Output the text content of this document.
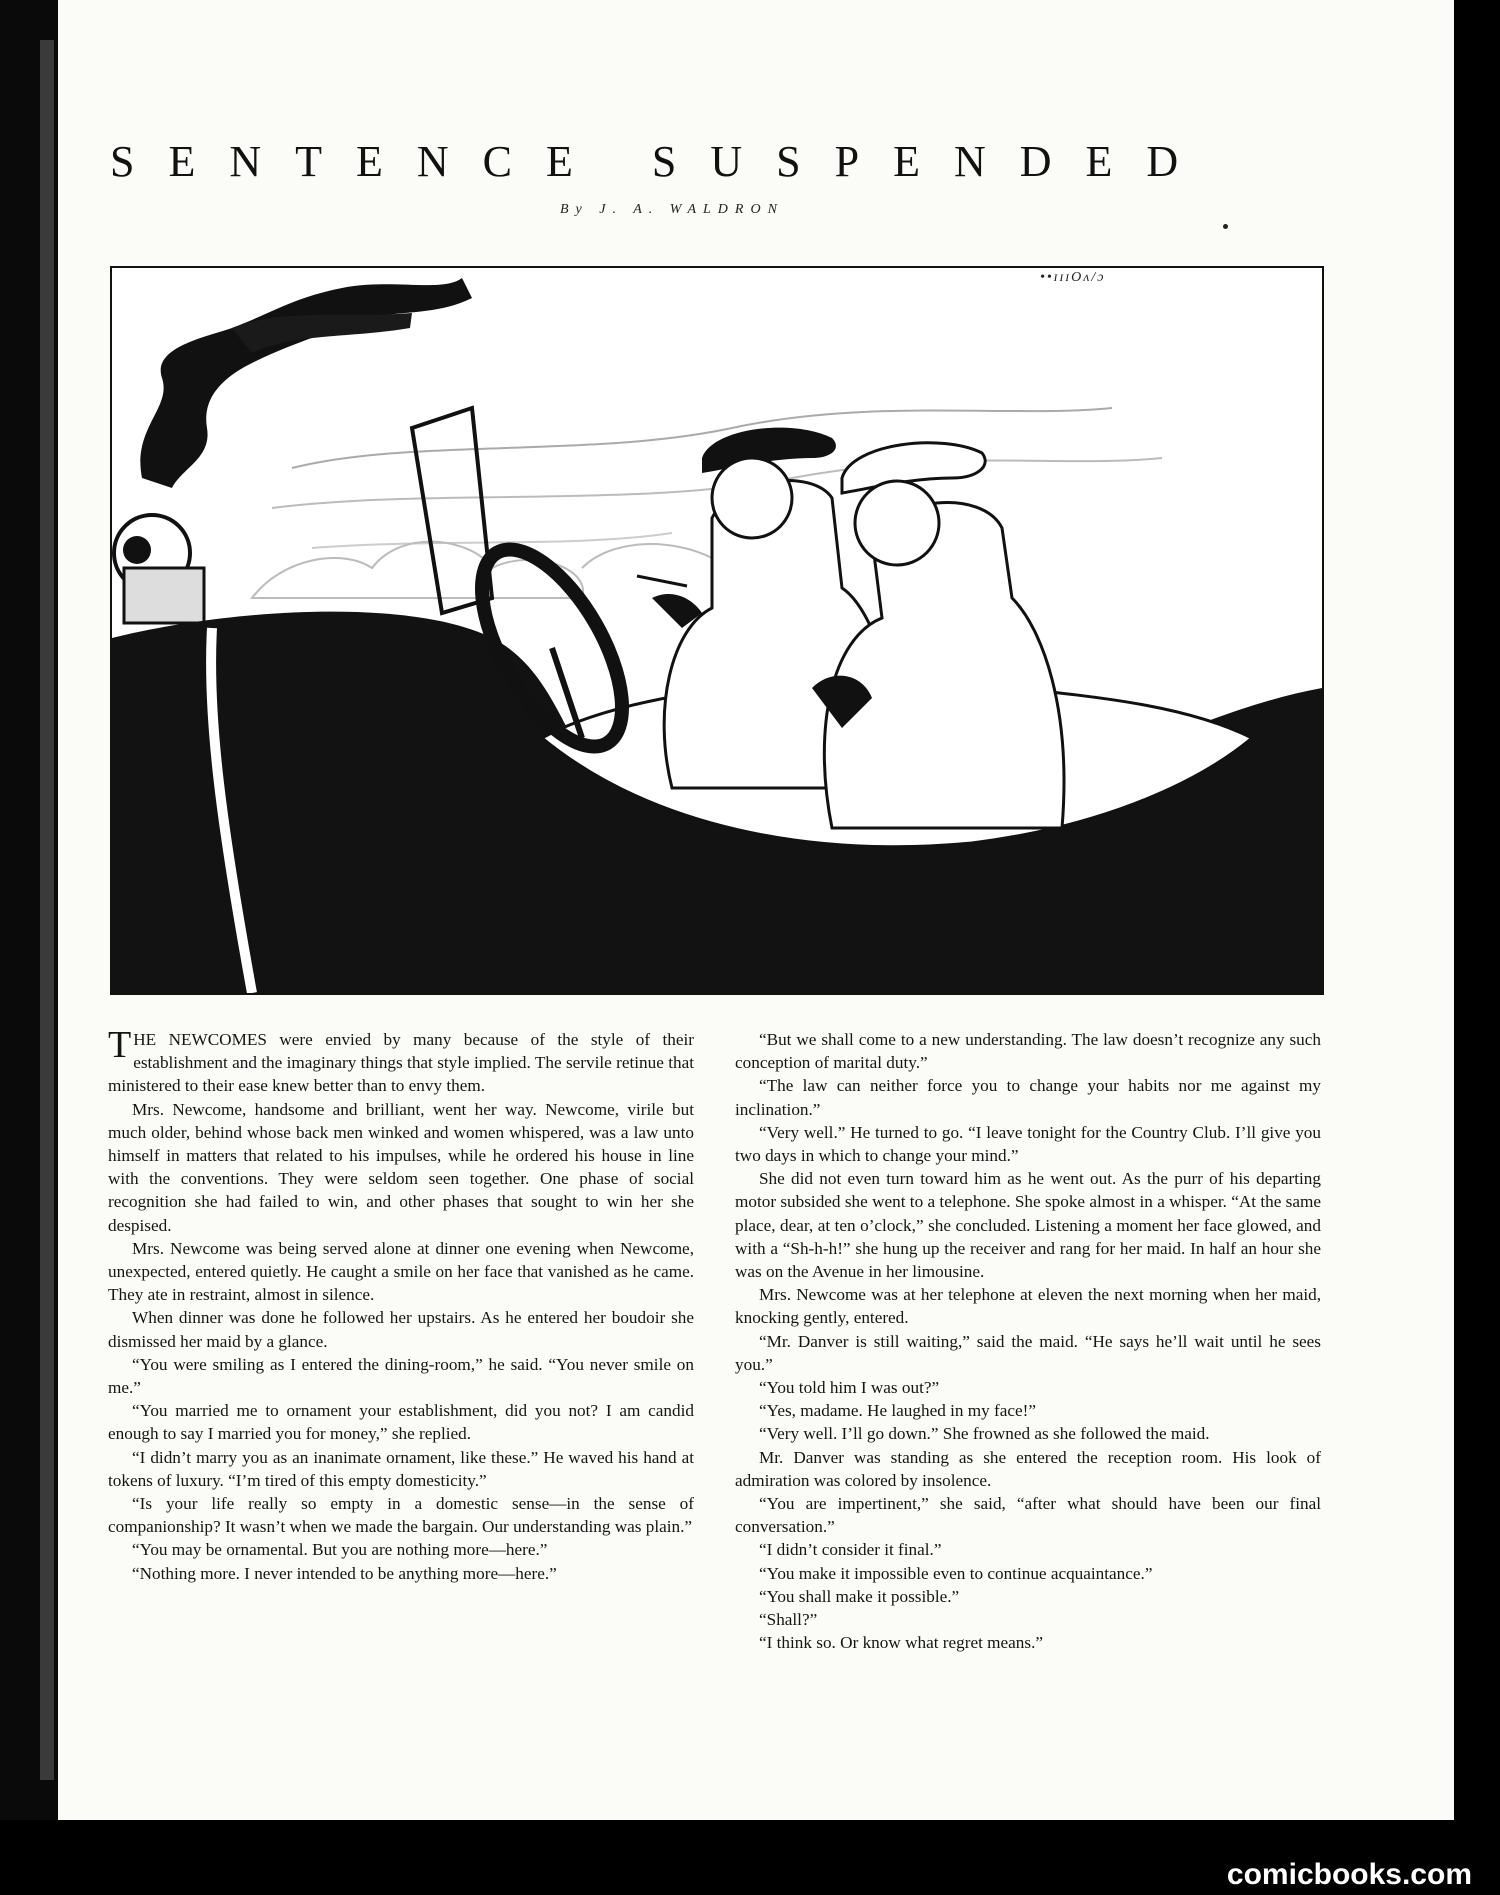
SENTENCE SUSPENDED
By J. A. WALDRON
••ɪɪɪOʌ/ɔ

THE NEWCOMES were envied by many because of the style of their establishment and the imaginary things that style implied. The servile retinue that ministered to their ease knew better than to envy them.

Mrs. Newcome, handsome and brilliant, went her way. Newcome, virile but much older, behind whose back men winked and women whispered, was a law unto himself in matters that related to his impulses, while he ordered his house in line with the conventions. They were seldom seen together. One phase of social recognition she had failed to win, and other phases that sought to win her she despised.

Mrs. Newcome was being served alone at dinner one evening when Newcome, unexpected, entered quietly. He caught a smile on her face that vanished as he came. They ate in restraint, almost in silence.

When dinner was done he followed her upstairs. As he entered her boudoir she dismissed her maid by a glance.

“You were smiling as I entered the dining-room,” he said. “You never smile on me.”

“You married me to ornament your establishment, did you not? I am candid enough to say I married you for money,” she replied.

“I didn’t marry you as an inanimate ornament, like these.” He waved his hand at tokens of luxury. “I’m tired of this empty domesticity.”

“Is your life really so empty in a domestic sense—in the sense of companionship? It wasn’t when we made the bargain. Our understanding was plain.”

“You may be ornamental. But you are nothing more—here.”

“Nothing more. I never intended to be anything more—here.”

“But we shall come to a new understanding. The law doesn’t recognize any such conception of marital duty.”

“The law can neither force you to change your habits nor me against my inclination.”

“Very well.” He turned to go. “I leave tonight for the Country Club. I’ll give you two days in which to change your mind.”

She did not even turn toward him as he went out. As the purr of his departing motor subsided she went to a telephone. She spoke almost in a whisper. “At the same place, dear, at ten o’clock,” she concluded. Listening a moment her face glowed, and with a “Sh-h-h!” she hung up the receiver and rang for her maid. In half an hour she was on the Avenue in her limousine.

Mrs. Newcome was at her telephone at eleven the next morning when her maid, knocking gently, entered.

“Mr. Danver is still waiting,” said the maid. “He says he’ll wait until he sees you.”

“You told him I was out?”

“Yes, madame. He laughed in my face!”

“Very well. I’ll go down.” She frowned as she followed the maid.

Mr. Danver was standing as she entered the reception room. His look of admiration was colored by insolence.

“You are impertinent,” she said, “after what should have been our final conversation.”

“I didn’t consider it final.”

“You make it impossible even to continue acquaintance.”

“You shall make it possible.”

“Shall?”

“I think so. Or know what regret means.”

comicbooks.com
